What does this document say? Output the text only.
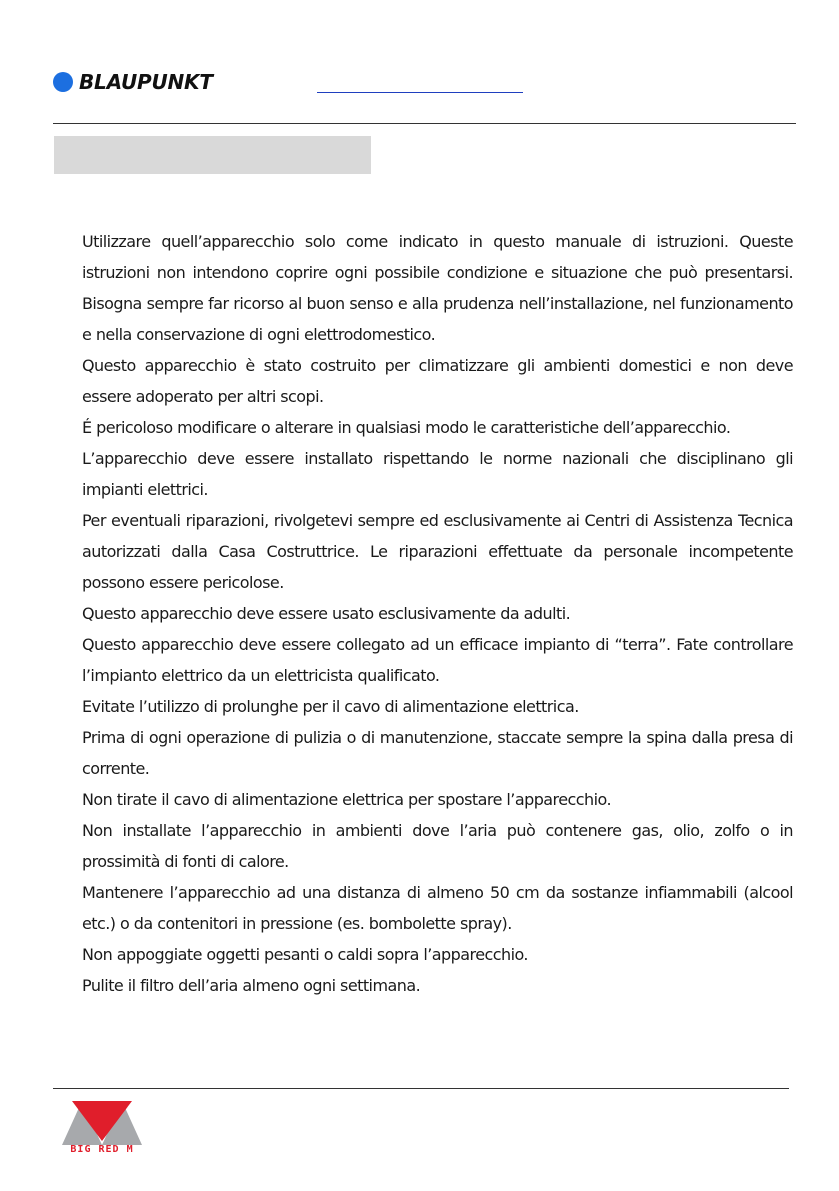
BLAUPUNKT

Utilizzare quell’apparecchio solo come indicato in questo manuale di istruzioni. Queste istruzioni non intendono coprire ogni possibile condizione e situazione che può presentarsi. Bisogna sempre far ricorso al buon senso e alla prudenza nell’installazione, nel funzionamento e nella conservazione di ogni elettrodomestico.

Questo apparecchio è stato costruito per climatizzare gli ambienti domestici e non deve essere adoperato per altri scopi.

É pericoloso modificare o alterare in qualsiasi modo le caratteristiche dell’apparecchio.

L’apparecchio deve essere installato rispettando le norme nazionali che disciplinano gli impianti elettrici.

Per eventuali riparazioni, rivolgetevi sempre ed esclusivamente ai Centri di Assistenza Tecnica autorizzati dalla Casa Costruttrice. Le riparazioni effettuate da personale incompetente possono essere pericolose.

Questo apparecchio deve essere usato esclusivamente da adulti.

Questo apparecchio deve essere collegato ad un efficace impianto di “terra”. Fate controllare l’impianto elettrico da un elettricista qualificato.

Evitate l’utilizzo di prolunghe per il cavo di alimentazione elettrica.

Prima di ogni operazione di pulizia o di manutenzione, staccate sempre la spina dalla presa di corrente.

Non tirate il cavo di alimentazione elettrica per spostare l’apparecchio.

Non installate l’apparecchio in ambienti dove l’aria può contenere gas, olio, zolfo o in prossimità di fonti di calore.

Mantenere l’apparecchio ad una distanza di almeno 50 cm da sostanze infiammabili (alcool etc.) o da contenitori in pressione (es. bombolette spray).

Non appoggiate oggetti pesanti o caldi sopra l’apparecchio.

Pulite il filtro dell’aria almeno ogni settimana.

BIG RED M
